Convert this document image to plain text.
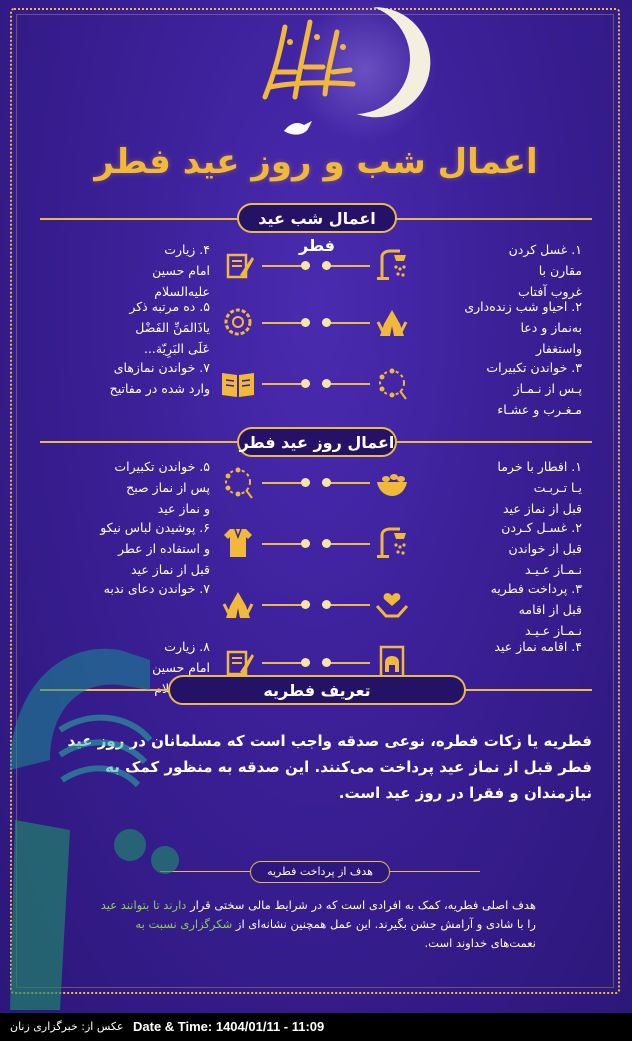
اعمال شب و روز عید فطر
اعمال شب عید فطر
اعمال روز عید فطر
۱. غسل کردن
مقارن با
غروب آفتاب
۲. احیاو شب زنده‌داری
به‌نماز و دعا
واستغفار
۳. خواندن تکبیرات
پـس از نـمـاز
مـغـرب و عشـاء
۴. زیارت
امام حسین علیه‌السلام
۵. ده مرتبه ذکر
یاذَالمَنِّ الفَضْل
عَلَی البَرِیّة...
۷. خواندن نمازهای
وارد شده در مفاتیح
۱. افطار با خرما
یـا تـربـت
قبل از نماز عید
۲. غسـل کـردن
قبل از خواندن
نـمـاز عـیـد
۳. پرداخت فطریه
قبل از اقامه
نـمـاز عـیـد
۴. اقامه نماز عید
۵. خواندن تکبیرات
پس از نماز صبح
و نماز عید
۶. پوشیدن لباس نیکو
و استفاده از عطر
قبل از نماز عید
۷. خواندن دعای ندبه
۸. زیارت
امام حسین
تعریف فطریه
فطریه یا زکات فطره، نوعی صدقه واجب است که مسلمانان در روز عید فطر قبل از نماز عید پرداخت می‌کنند. این صدقه به منظور کمک به نیازمندان و فقرا در روز عید است.
هدف از پرداخت فطریه
هدف اصلی فطریه، کمک به افرادی است که در شرایط مالی سختی قرار دارند تا بتوانند عید را با شادی و آرامش جشن بگیرند. این عمل همچنین نشانه‌ای از شکرگزاری نسبت به نعمت‌های خداوند است.
عکس از: خبرگزاری زنان Date & Time: 1404/01/11 - 11:09
